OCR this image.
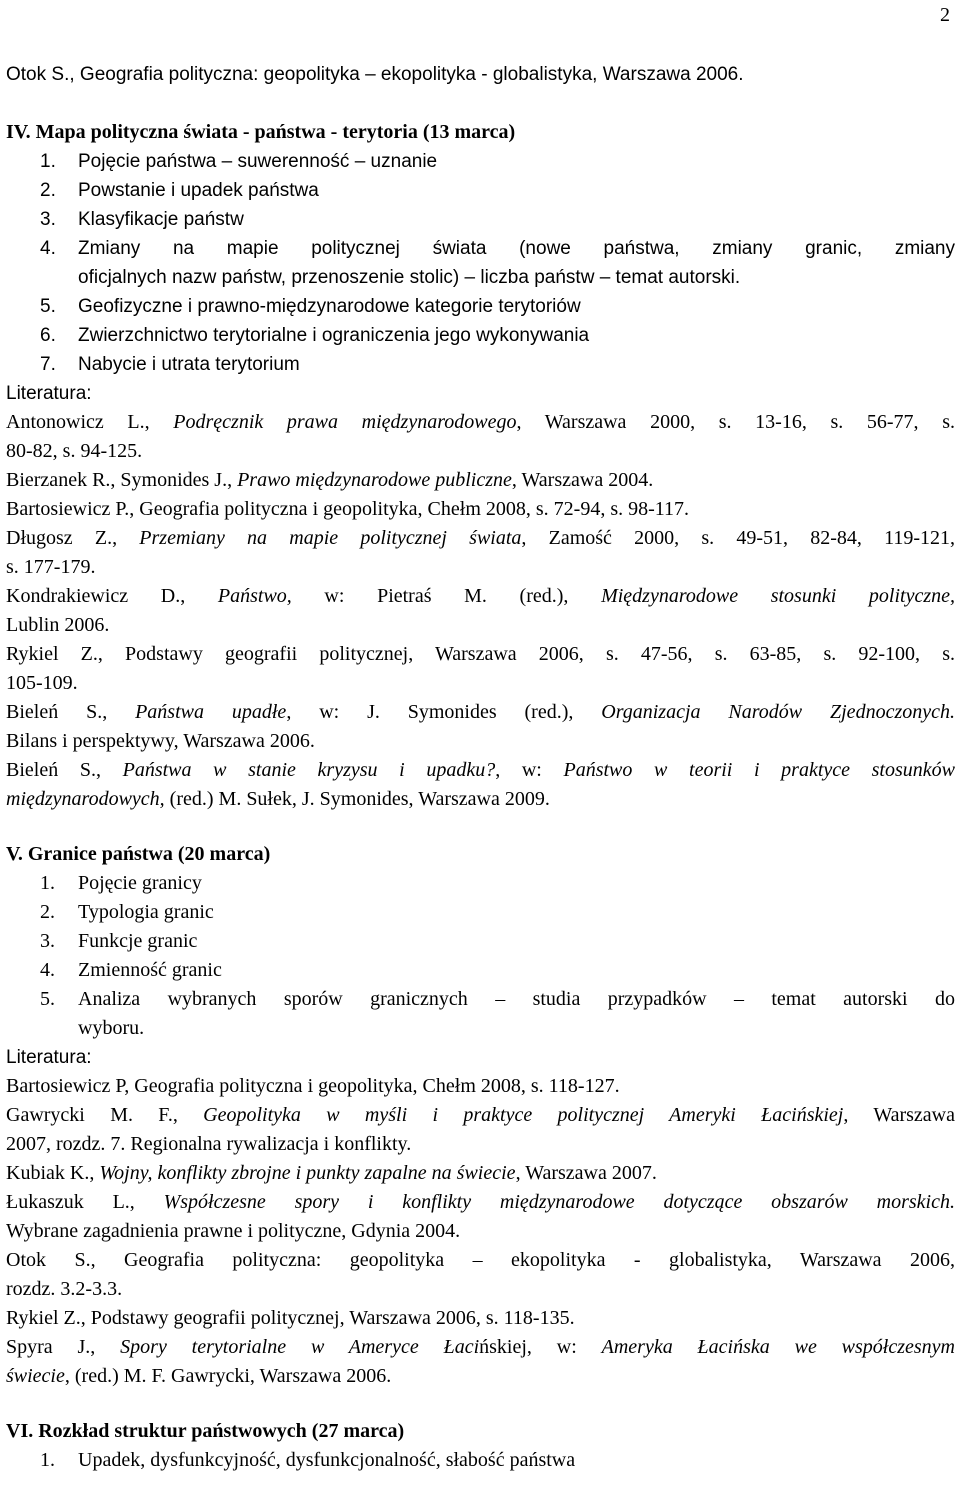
2

Otok S., Geografia polityczna: geopolityka – ekopolityka - globalistyka, Warszawa 2006.

IV. Mapa polityczna świata - państwa - terytoria (13 marca)

1.	Pojęcie państwa – suwerenność – uznanie
2.	Powstanie i upadek państwa
3.	Klasyfikacje państw
4.	Zmiany na mapie politycznej świata (nowe państwa, zmiany granic, zmiany
oficjalnych nazw państw, przenoszenie stolic) – liczba państw – temat autorski.
5.	Geofizyczne i prawno-międzynarodowe kategorie terytoriów
6.	Zwierzchnictwo terytorialne i ograniczenia jego wykonywania
7.	Nabycie i utrata terytorium

Literatura:

Antonowicz L., Podręcznik prawa międzynarodowego, Warszawa 2000, s. 13-16, s. 56-77, s.

80-82, s. 94-125.

Bierzanek R., Symonides J., Prawo międzynarodowe publiczne, Warszawa 2004.

Bartosiewicz P., Geografia polityczna i geopolityka, Chełm 2008, s. 72-94, s. 98-117.

Długosz Z., Przemiany na mapie politycznej świata, Zamość 2000, s. 49-51, 82-84, 119-121,

s. 177-179.

Kondrakiewicz D., Państwo, w: Pietraś M. (red.), Międzynarodowe stosunki polityczne,

Lublin 2006.

Rykiel Z., Podstawy geografii politycznej, Warszawa 2006, s. 47-56, s. 63-85, s. 92-100, s.

105-109.

Bieleń S., Państwa upadłe, w: J. Symonides (red.), Organizacja Narodów Zjednoczonych.

Bilans i perspektywy, Warszawa 2006.

Bieleń S., Państwa w stanie kryzysu i upadku?, w: Państwo w teorii i praktyce stosunków

międzynarodowych, (red.) M. Sułek, J. Symonides, Warszawa 2009.

V. Granice państwa (20 marca)

1.	Pojęcie granicy
2.	Typologia granic
3.	Funkcje granic
4.	Zmienność granic
5.	Analiza wybranych sporów granicznych – studia przypadków – temat autorski do
wyboru.

Literatura:

Bartosiewicz P, Geografia polityczna i geopolityka, Chełm 2008, s. 118-127.

Gawrycki M. F., Geopolityka w myśli i praktyce politycznej Ameryki Łacińskiej, Warszawa

2007, rozdz. 7. Regionalna rywalizacja i konflikty.

Kubiak K., Wojny, konflikty zbrojne i punkty zapalne na świecie, Warszawa 2007.

Łukaszuk L., Współczesne spory i konflikty międzynarodowe dotyczące obszarów morskich.

Wybrane zagadnienia prawne i polityczne, Gdynia 2004.

Otok S., Geografia polityczna: geopolityka – ekopolityka - globalistyka, Warszawa 2006,

rozdz. 3.2-3.3.

Rykiel Z., Podstawy geografii politycznej, Warszawa 2006, s. 118-135.

Spyra J., Spory terytorialne w Ameryce Łacińskiej, w: Ameryka Łacińska we współczesnym

świecie, (red.) M. F. Gawrycki, Warszawa 2006.

VI. Rozkład struktur państwowych (27 marca)

1.	Upadek, dysfunkcyjność, dysfunkcjonalność, słabość państwa
